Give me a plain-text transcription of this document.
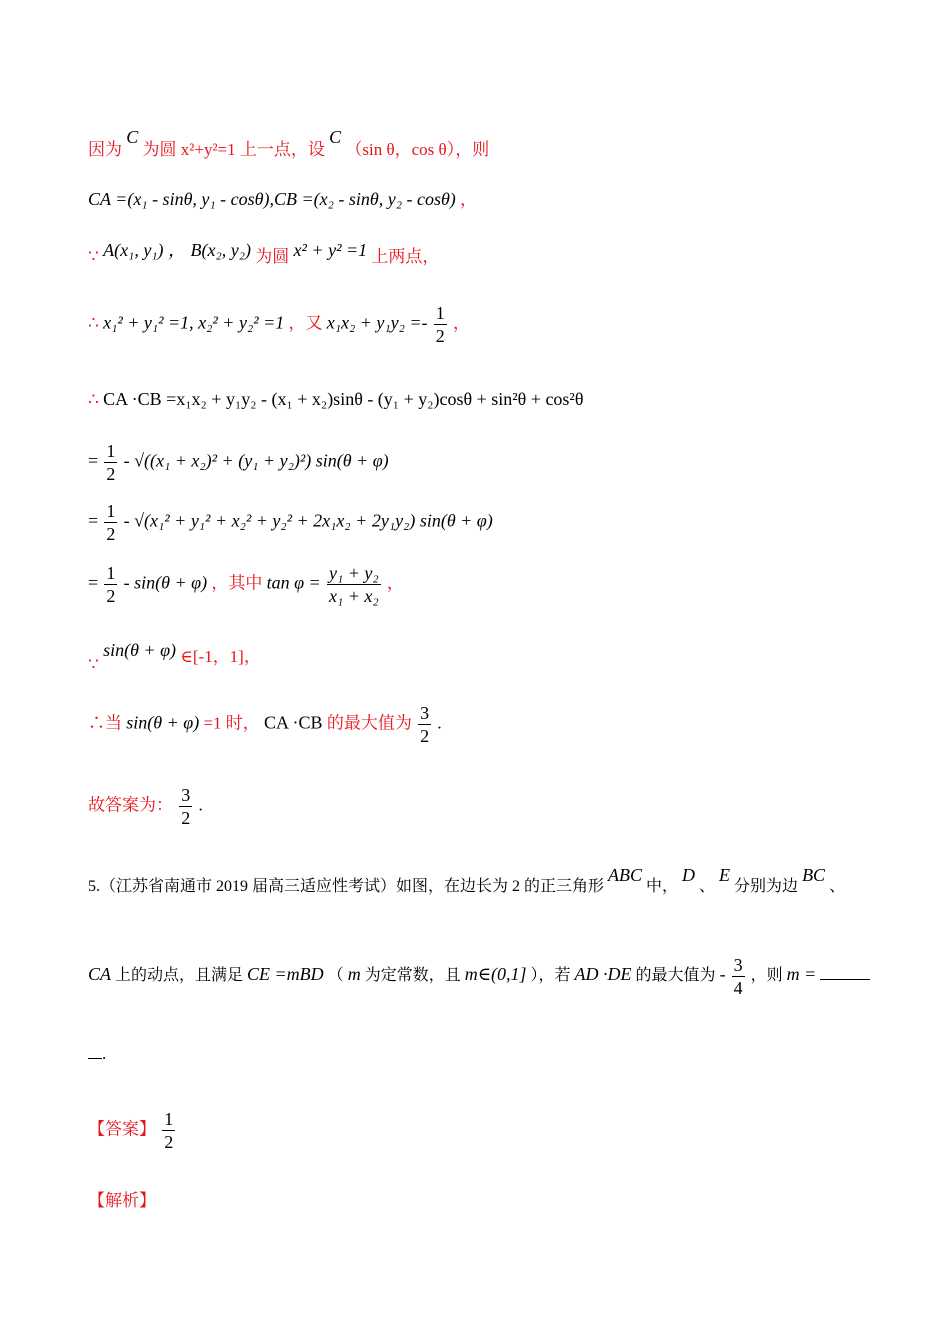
因为 C 为圆 x²+y²=1 上一点，设 C （sin θ，cos θ），则
CA =(x₁ - sinθ, y₁ - cosθ),CB =(x₂ - sinθ, y₂ - cosθ) ，
∵ A(x₁, y₁) ， B(x₂, y₂) 为圆 x² + y² =1 上两点，
∴ x₁² + y₁² =1, x₂² + y₂² =1 ，又 $x_1x_2 + y_1y_2 =- \frac{1}{2}$ ，
∴ CA ·CB =x₁x₂ + y₁y₂ - (x₁ + x₂)sinθ - (y₁ + y₂)cosθ + sin²θ + cos²θ
= $\frac{1}{2} - √((x_1 + x_2)^2 + (y_1 + y_2)^2) \sin(\theta + \varphi)$
= $\frac{1}{2} - √(x_1^2 + y_1^2 + x_2^2 + y_2^2 + 2x_1x_2 + 2y_1y_2) \sin(\theta + \varphi)$
= $\frac{1}{2} - \sin(\theta + \varphi)$ ，其中 $\tan \varphi = \frac{\text{y₁ + y₂}}{\text{x₁ + x₂}}$ ，
∵ sin(θ + φ) ∈[-1，1]，
∴当 sin(θ + φ) =1 时， CA ·CB 的最大值为 $\frac{3}{2}$ .
故答案为： $\frac{3}{2}$ .
5.（江苏省南通市 2019 届高三适应性考试）如图，在边长为 2 的正三角形 ABC 中， D 、 E 分别为边 BC 、
CA 上的动点，且满足 CE =mBD （ m 为定常数，且 m∈(0,1] ），若 AD ·DE 的最大值为 - $\frac{3}{4}$ ，则 m =
.
【答案】 $\frac{1}{2}$
【解析】
